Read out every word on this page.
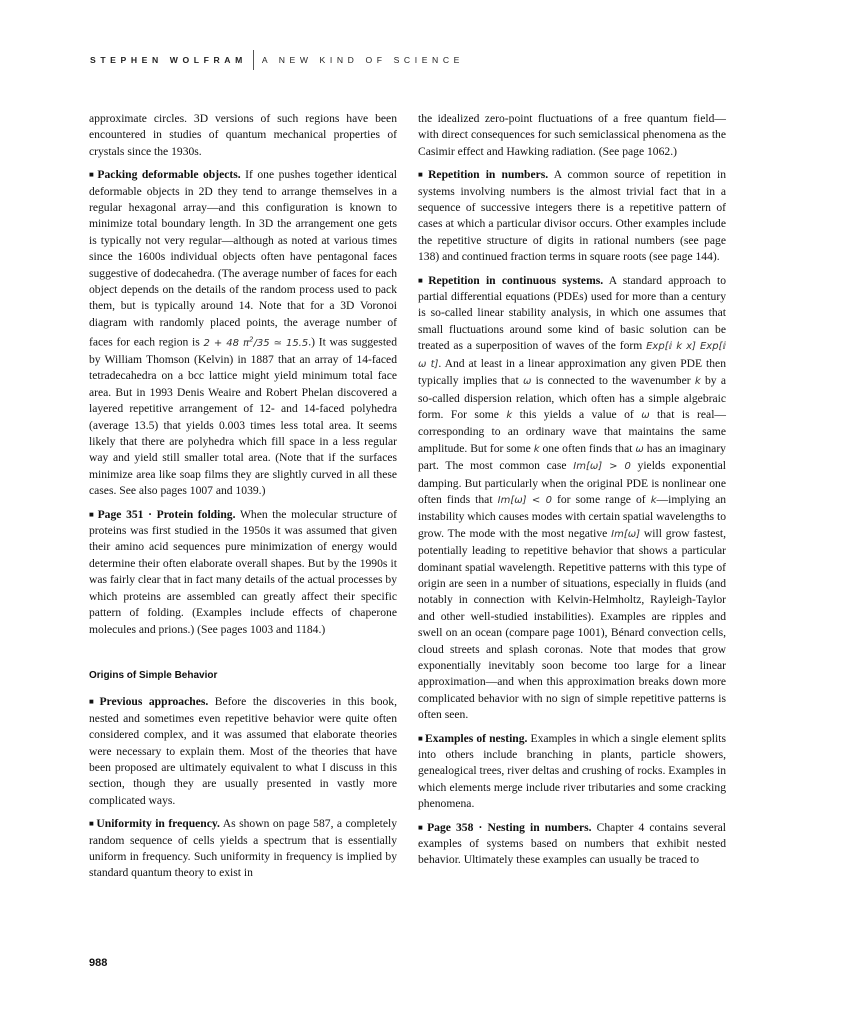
STEPHEN WOLFRAM A NEW KIND OF SCIENCE

approximate circles. 3D versions of such regions have been encountered in studies of quantum mechanical properties of crystals since the 1930s.

■ Packing deformable objects. If one pushes together identical deformable objects in 2D they tend to arrange themselves in a regular hexagonal array—and this configuration is known to minimize total boundary length. In 3D the arrangement one gets is typically not very regular—although as noted at various times since the 1600s individual objects often have pentagonal faces suggestive of dodecahedra. (The average number of faces for each object depends on the details of the random process used to pack them, but is typically around 14. Note that for a 3D Voronoi diagram with randomly placed points, the average number of faces for each region is 2 + 48 $\pi^2/35$ ≃ 15.5.) It was suggested by William Thomson (Kelvin) in 1887 that an array of 14-faced tetradecahedra on a bcc lattice might yield minimum total face area. But in 1993 Denis Weaire and Robert Phelan discovered a layered repetitive arrangement of 12- and 14-faced polyhedra (average 13.5) that yields 0.003 times less total area. It seems likely that there are polyhedra which fill space in a less regular way and yield still smaller total area. (Note that if the surfaces minimize area like soap films they are slightly curved in all these cases. See also pages 1007 and 1039.)

■ Page 351 · Protein folding. When the molecular structure of proteins was first studied in the 1950s it was assumed that given their amino acid sequences pure minimization of energy would determine their often elaborate overall shapes. But by the 1990s it was fairly clear that in fact many details of the actual processes by which proteins are assembled can greatly affect their specific pattern of folding. (Examples include effects of chaperone molecules and prions.) (See pages 1003 and 1184.)

Origins of Simple Behavior

■ Previous approaches. Before the discoveries in this book, nested and sometimes even repetitive behavior were quite often considered complex, and it was assumed that elaborate theories were necessary to explain them. Most of the theories that have been proposed are ultimately equivalent to what I discuss in this section, though they are usually presented in vastly more complicated ways.

■ Uniformity in frequency. As shown on page 587, a completely random sequence of cells yields a spectrum that is essentially uniform in frequency. Such uniformity in frequency is implied by standard quantum theory to exist in

the idealized zero-point fluctuations of a free quantum field—with direct consequences for such semiclassical phenomena as the Casimir effect and Hawking radiation. (See page 1062.)

■ Repetition in numbers. A common source of repetition in systems involving numbers is the almost trivial fact that in a sequence of successive integers there is a repetitive pattern of cases at which a particular divisor occurs. Other examples include the repetitive structure of digits in rational numbers (see page 138) and continued fraction terms in square roots (see page 144).

■ Repetition in continuous systems. A standard approach to partial differential equations (PDEs) used for more than a century is so-called linear stability analysis, in which one assumes that small fluctuations around some kind of basic solution can be treated as a superposition of waves of the form Exp[ⅈ k x] Exp[ⅈ ω t]. And at least in a linear approximation any given PDE then typically implies that ω is connected to the wavenumber k by a so-called dispersion relation, which often has a simple algebraic form. For some k this yields a value of ω that is real—corresponding to an ordinary wave that maintains the same amplitude. But for some k one often finds that ω has an imaginary part. The most common case Im[ω] > 0 yields exponential damping. But particularly when the original PDE is nonlinear one often finds that Im[ω] < 0 for some range of k—implying an instability which causes modes with certain spatial wavelengths to grow. The mode with the most negative Im[ω] will grow fastest, potentially leading to repetitive behavior that shows a particular dominant spatial wavelength. Repetitive patterns with this type of origin are seen in a number of situations, especially in fluids (and notably in connection with Kelvin-Helmholtz, Rayleigh-Taylor and other well-studied instabilities). Examples are ripples and swell on an ocean (compare page 1001), Bénard convection cells, cloud streets and splash coronas. Note that modes that grow exponentially inevitably soon become too large for a linear approximation—and when this approximation breaks down more complicated behavior with no sign of simple repetitive patterns is often seen.

■ Examples of nesting. Examples in which a single element splits into others include branching in plants, particle showers, genealogical trees, river deltas and crushing of rocks. Examples in which elements merge include river tributaries and some cracking phenomena.

■ Page 358 · Nesting in numbers. Chapter 4 contains several examples of systems based on numbers that exhibit nested behavior. Ultimately these examples can usually be traced to

988
